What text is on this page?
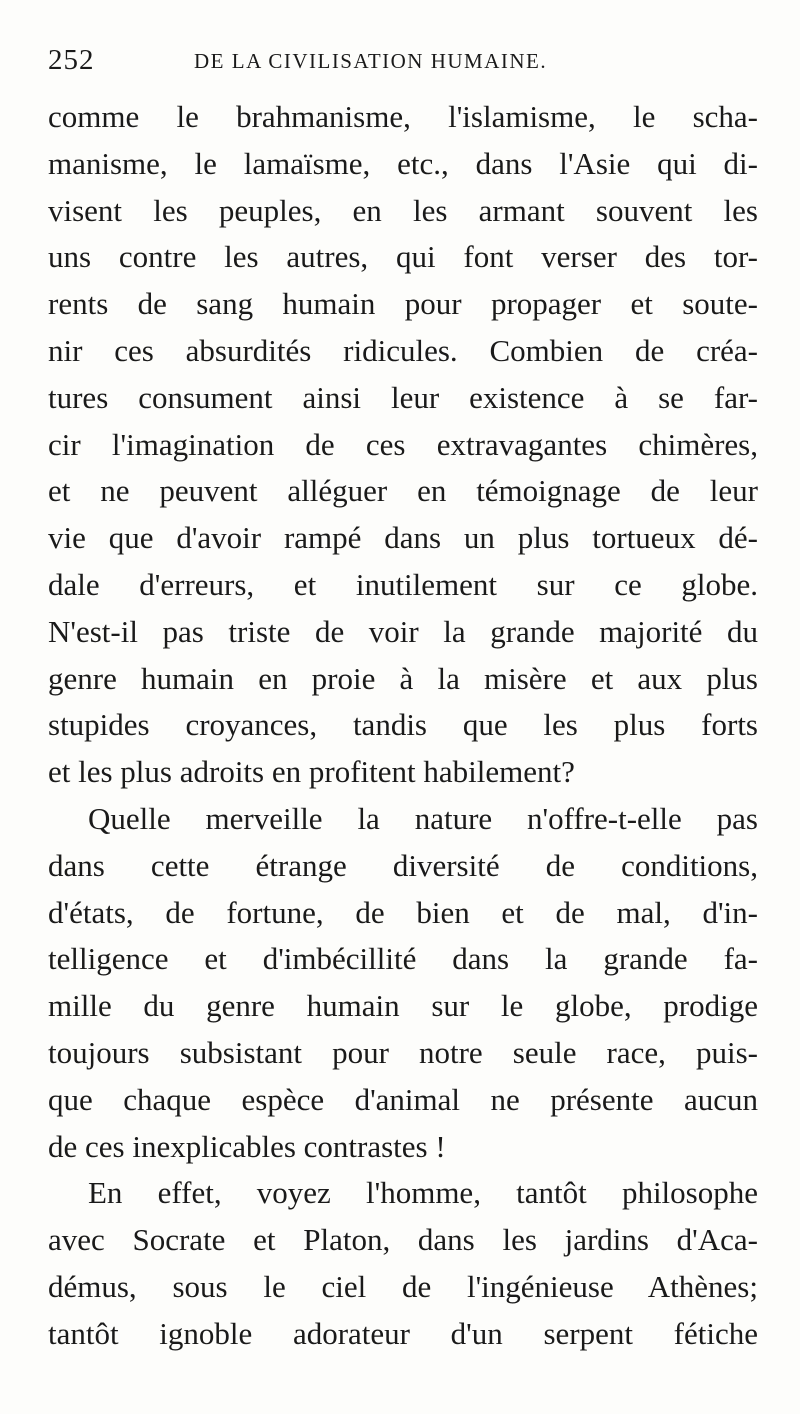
252	DE LA CIVILISATION HUMAINE.
comme le brahmanisme, l'islamisme, le scha-
manisme, le lamaïsme, etc., dans l'Asie qui di-
visent les peuples, en les armant souvent les
uns contre les autres, qui font verser des tor-
rents de sang humain pour propager et soute-
nir ces absurdités ridicules. Combien de créa-
tures consument ainsi leur existence à se far-
cir l'imagination de ces extravagantes chimères,
et ne peuvent alléguer en témoignage de leur
vie que d'avoir rampé dans un plus tortueux dé-
dale d'erreurs, et inutilement sur ce globe.
N'est-il pas triste de voir la grande majorité du
genre humain en proie à la misère et aux plus
stupides croyances, tandis que les plus forts
et les plus adroits en profitent habilement?
Quelle merveille la nature n'offre-t-elle pas
dans cette étrange diversité de conditions,
d'états, de fortune, de bien et de mal, d'in-
telligence et d'imbécillité dans la grande fa-
mille du genre humain sur le globe, prodige
toujours subsistant pour notre seule race, puis-
que chaque espèce d'animal ne présente aucun
de ces inexplicables contrastes !
En effet, voyez l'homme, tantôt philosophe
avec Socrate et Platon, dans les jardins d'Aca-
démus, sous le ciel de l'ingénieuse Athènes;
tantôt ignoble adorateur d'un serpent fétiche
